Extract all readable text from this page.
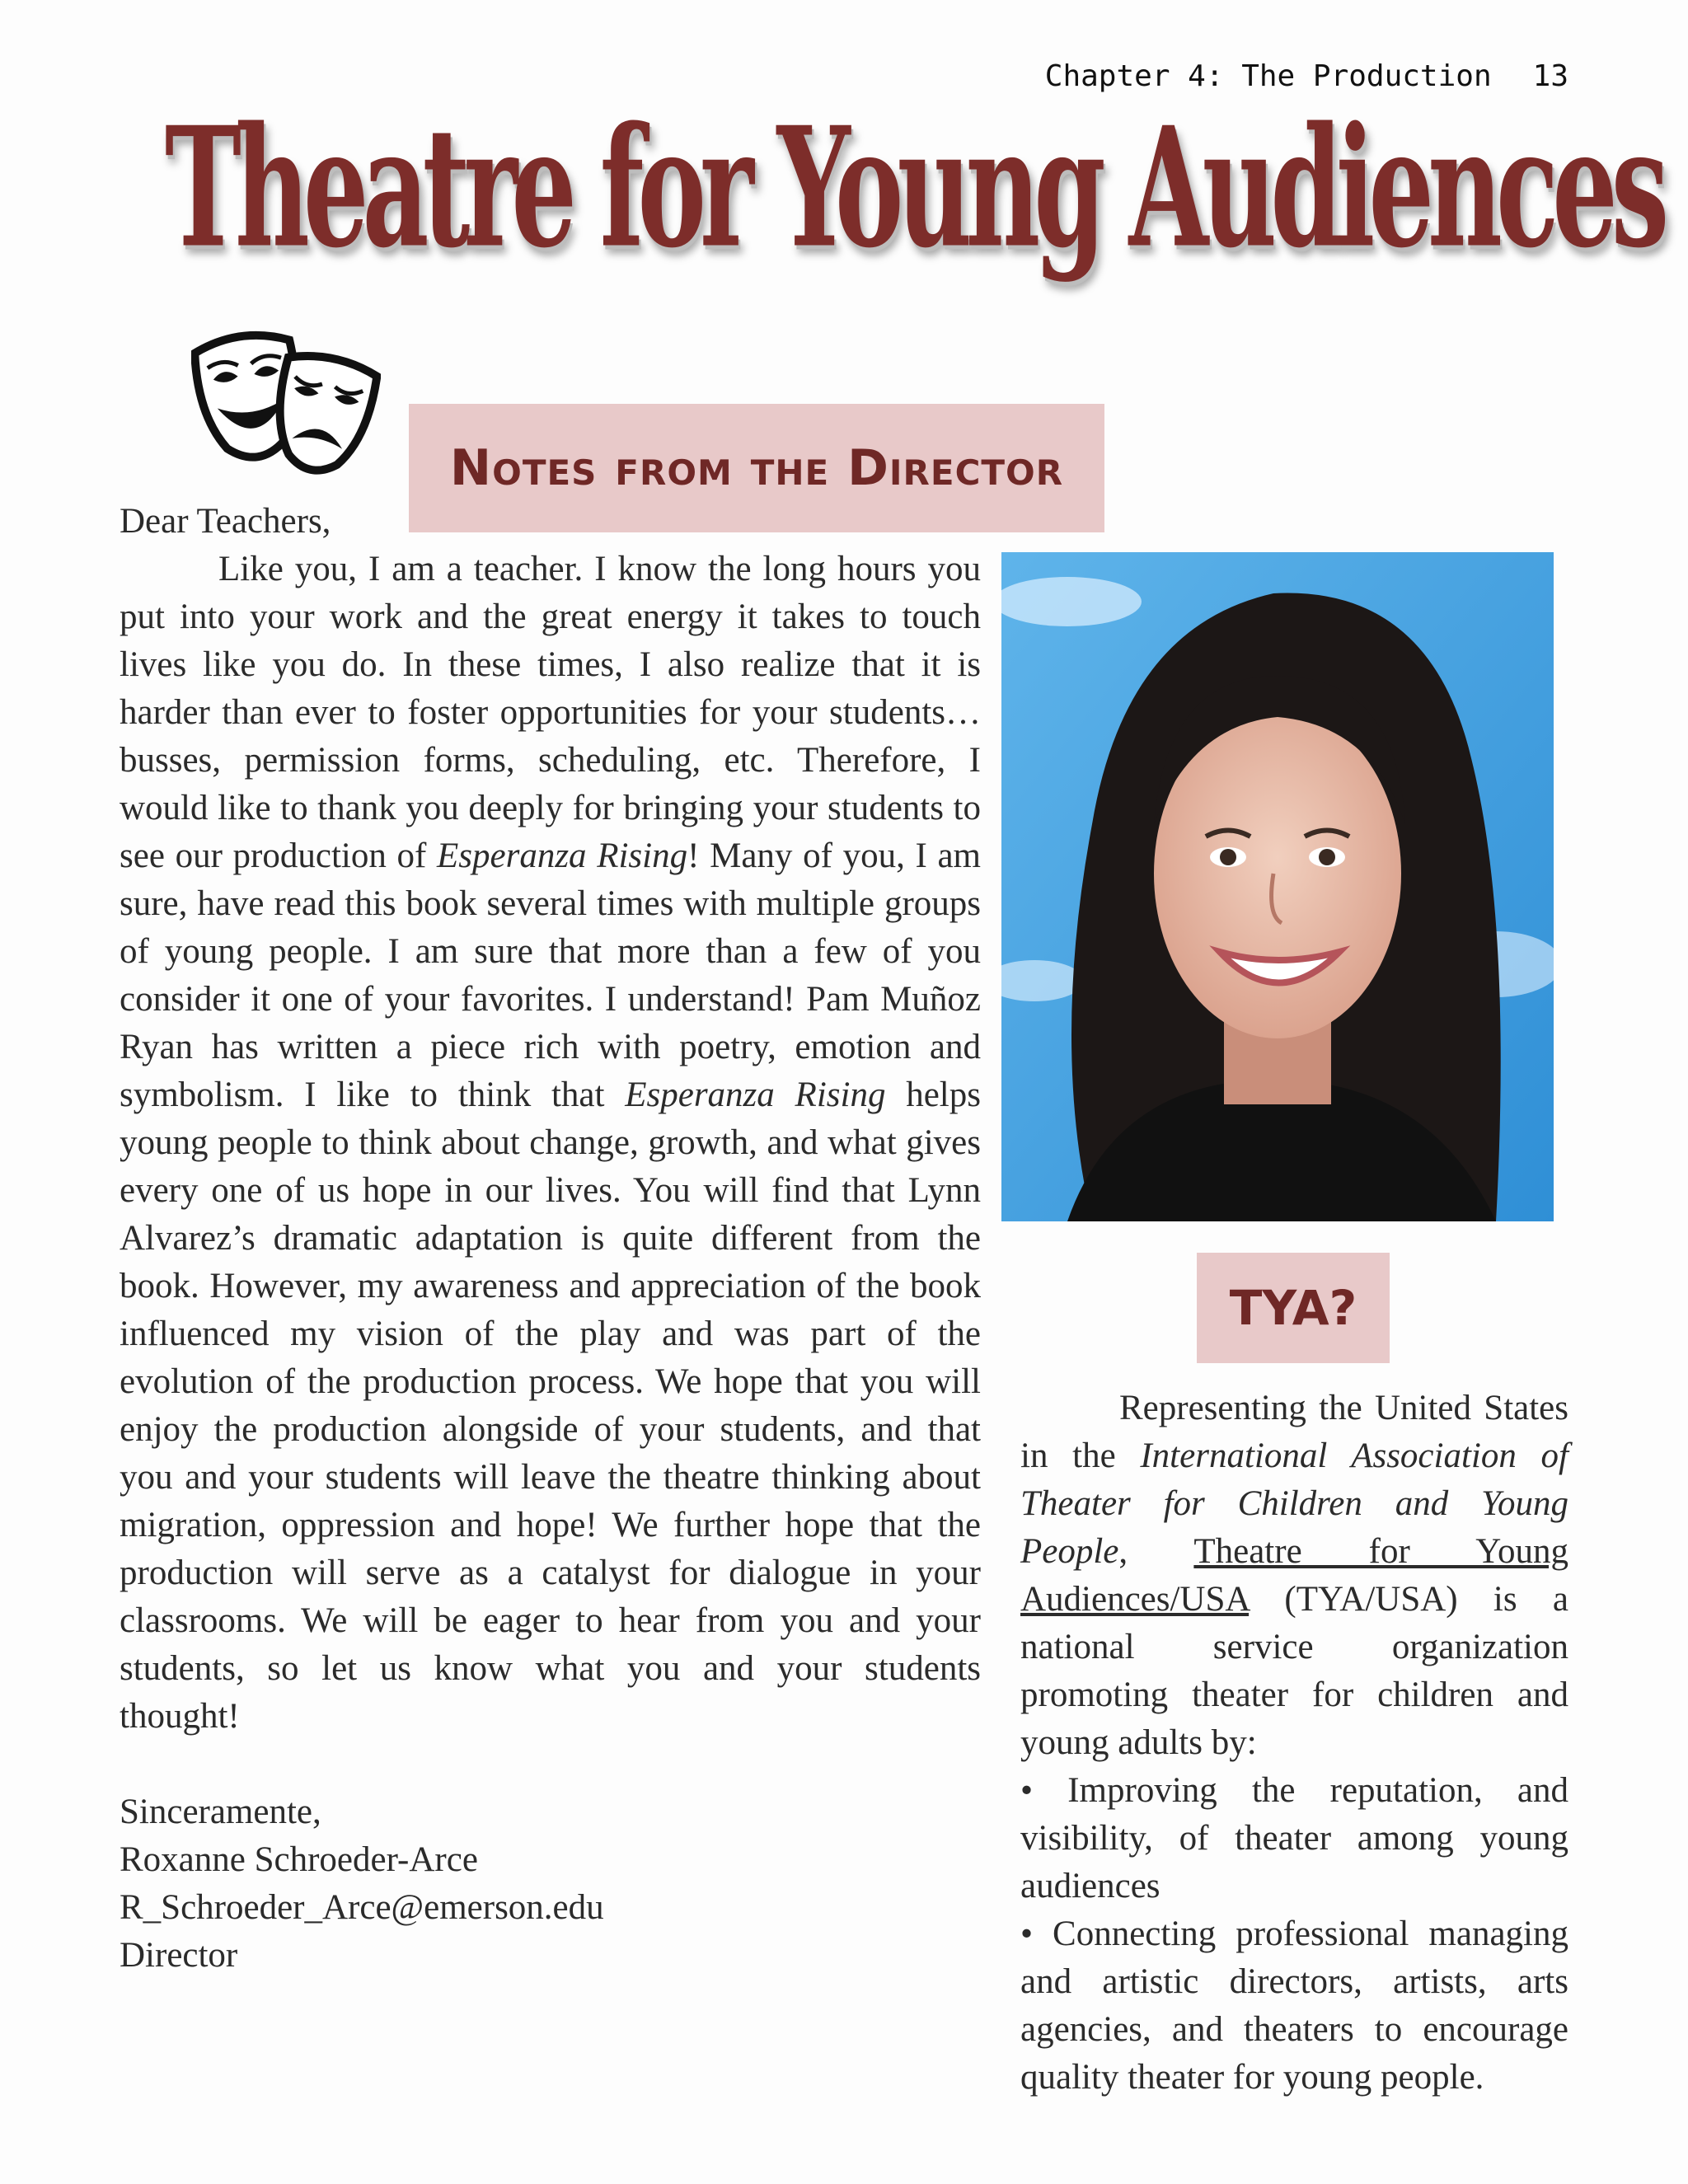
Chapter 4: The Production 13
Theatre for Young Audiences
Notes from the Director

Dear Teachers,

Like you, I am a teacher. I know the long hours you put into your work and the great energy it takes to touch lives like you do. In these times, I also realize that it is harder than ever to foster opportunities for your students…busses, permission forms, scheduling, etc. Therefore, I would like to thank you deeply for bringing your students to see our production of Esperanza Rising! Many of you, I am sure, have read this book several times with multiple groups of young people. I am sure that more than a few of you consider it one of your favorites. I understand! Pam Muñoz Ryan has written a piece rich with poetry, emotion and symbolism. I like to think that Esperanza Rising helps young people to think about change, growth, and what gives every one of us hope in our lives. You will find that Lynn Alvarez’s dramatic adaptation is quite different from the book. However, my awareness and appreciation of the book influenced my vision of the play and was part of the evolution of the production process. We hope that you will enjoy the production alongside of your students, and that you and your students will leave the theatre thinking about migration, oppression and hope! We further hope that the production will serve as a catalyst for dialogue in your classrooms. We will be eager to hear from you and your students, so let us know what you and your students thought!

Sinceramente,

Roxanne Schroeder-Arce

R_Schroeder_Arce@emerson.edu

Director

TYA?

Representing the United States in the International Association of Theater for Children and Young People, Theatre for Young Audiences/USA (TYA/USA) is a national service organization promoting theater for children and young adults by:

• Improving the reputation, and visibility, of theater among young audiences

• Connecting professional managing and artistic directors, artists, arts agencies, and theaters to encourage quality theater for young people.
